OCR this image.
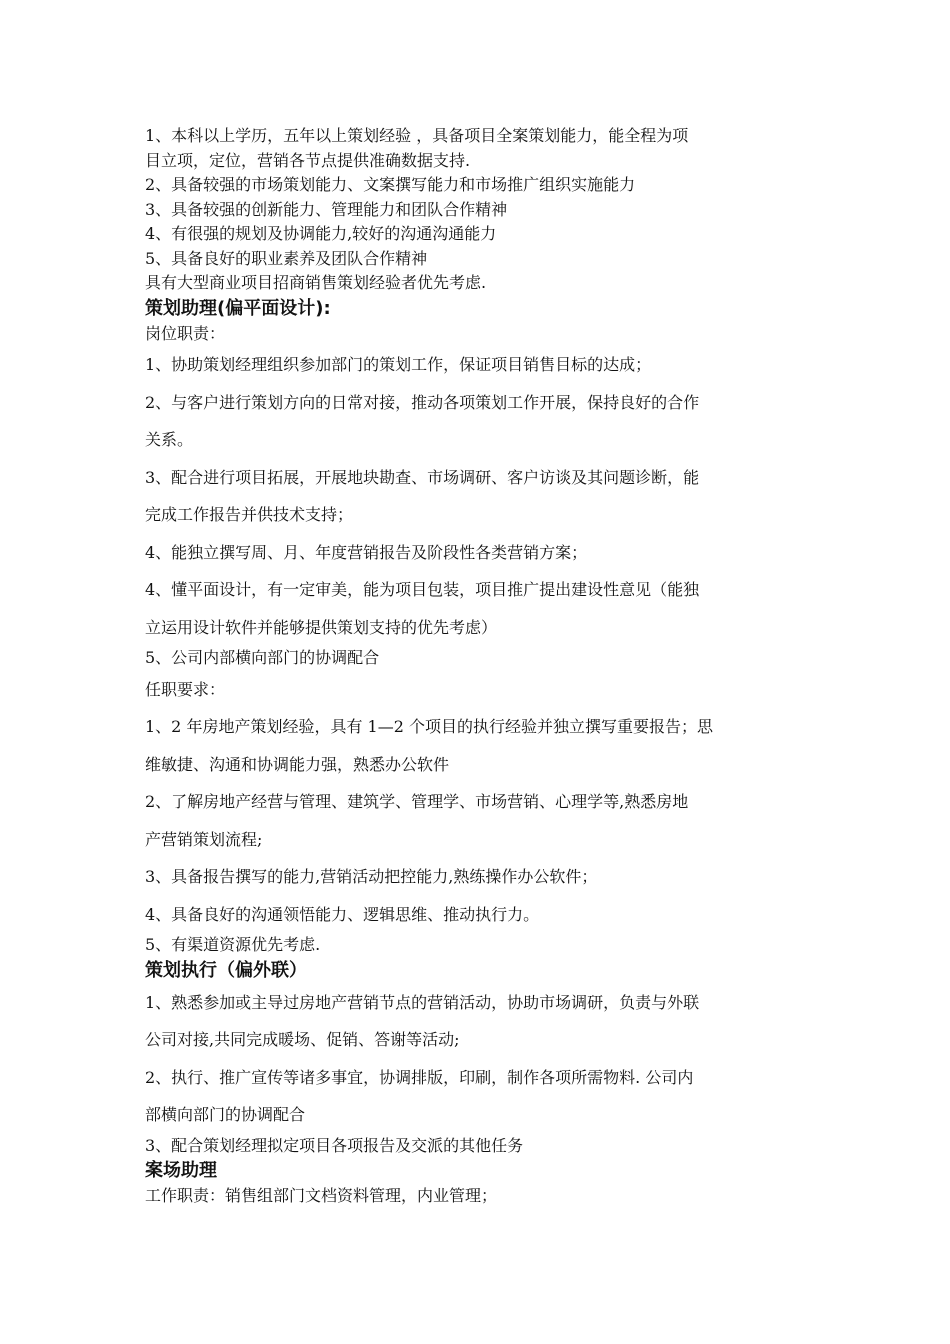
1、本科以上学历，五年以上策划经验 ，具备项目全案策划能力，能全程为项
目立项，定位，营销各节点提供准确数据支持.
2、具备较强的市场策划能力、文案撰写能力和市场推广组织实施能力
3、具备较强的创新能力、管理能力和团队合作精神
4、有很强的规划及协调能力,较好的沟通沟通能力
5、具备良好的职业素养及团队合作精神
具有大型商业项目招商销售策划经验者优先考虑.
策划助理(偏平面设计):
岗位职责：
1、协助策划经理组织参加部门的策划工作，保证项目销售目标的达成；
2、与客户进行策划方向的日常对接，推动各项策划工作开展，保持良好的合作
关系。
3、配合进行项目拓展，开展地块勘查、市场调研、客户访谈及其问题诊断，能
完成工作报告并供技术支持；
4、能独立撰写周、月、年度营销报告及阶段性各类营销方案；
4、懂平面设计，有一定审美，能为项目包装，项目推广提出建设性意见（能独
立运用设计软件并能够提供策划支持的优先考虑）
5、公司内部横向部门的协调配合
任职要求：
1、2 年房地产策划经验，具有 1—2 个项目的执行经验并独立撰写重要报告；思
维敏捷、沟通和协调能力强，熟悉办公软件
2、了解房地产经营与管理、建筑学、管理学、市场营销、心理学等,熟悉房地
产营销策划流程;
3、具备报告撰写的能力,营销活动把控能力,熟练操作办公软件；
4、具备良好的沟通领悟能力、逻辑思维、推动执行力。
5、有渠道资源优先考虑.
策划执行（偏外联）
1、熟悉参加或主导过房地产营销节点的营销活动，协助市场调研，负责与外联
公司对接,共同完成暖场、促销、答谢等活动;
2、执行、推广宣传等诸多事宜，协调排版，印刷，制作各项所需物料. 公司内
部横向部门的协调配合
3、配合策划经理拟定项目各项报告及交派的其他任务
案场助理
工作职责：销售组部门文档资料管理，内业管理；
